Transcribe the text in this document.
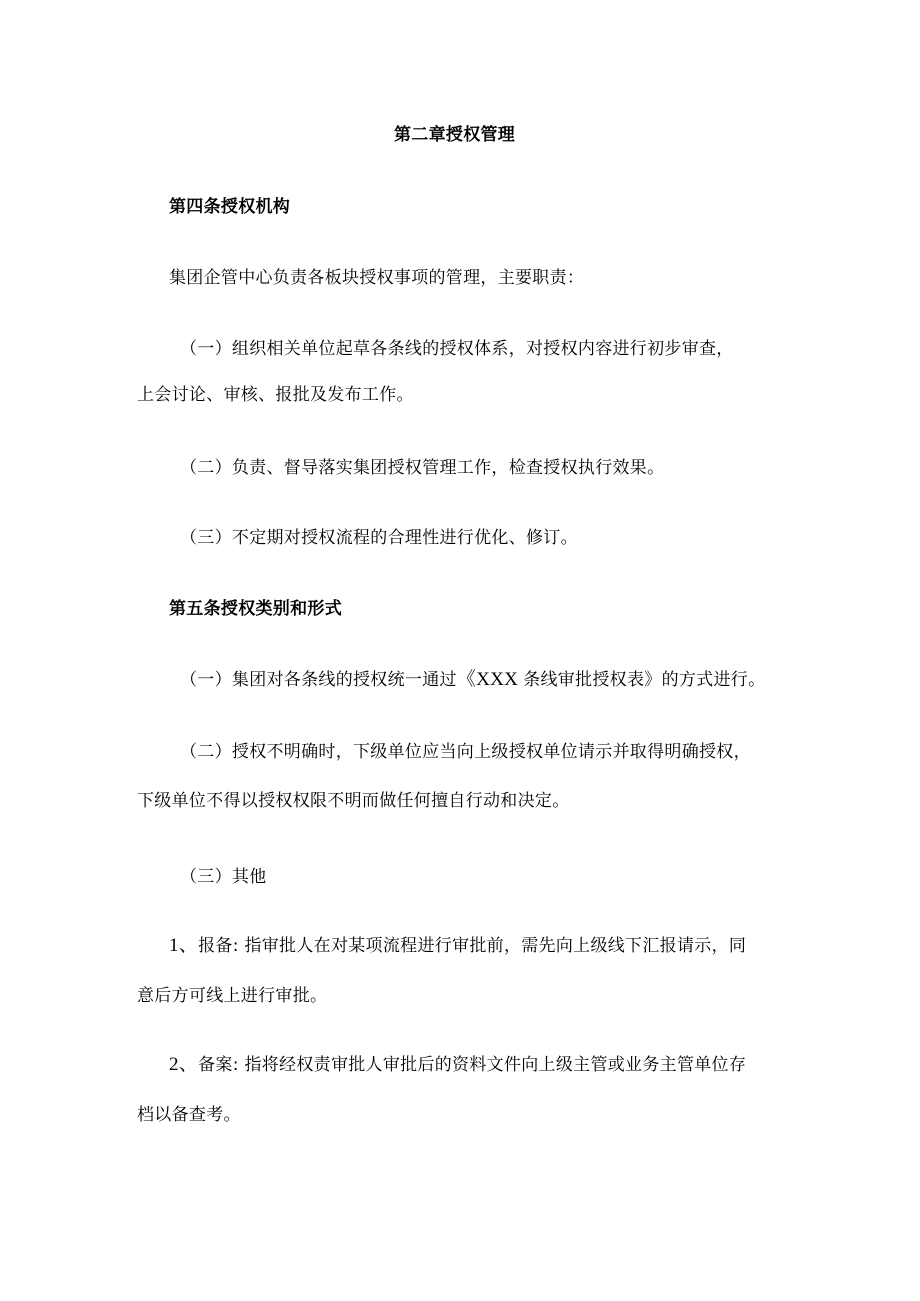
第二章授权管理
第四条授权机构
集团企管中心负责各板块授权事项的管理，主要职责：
（一）组织相关单位起草各条线的授权体系，对授权内容进行初步审查，
上会讨论、审核、报批及发布工作。
（二）负责、督导落实集团授权管理工作，检查授权执行效果。
（三）不定期对授权流程的合理性进行优化、修订。
第五条授权类别和形式
（一）集团对各条线的授权统一通过《XXX 条线审批授权表》的方式进行。
（二）授权不明确时，下级单位应当向上级授权单位请示并取得明确授权，
下级单位不得以授权权限不明而做任何擅自行动和决定。
（三）其他
1、报备: 指审批人在对某项流程进行审批前，需先向上级线下汇报请示，同
意后方可线上进行审批。
2、备案: 指将经权责审批人审批后的资料文件向上级主管或业务主管单位存
档以备查考。
